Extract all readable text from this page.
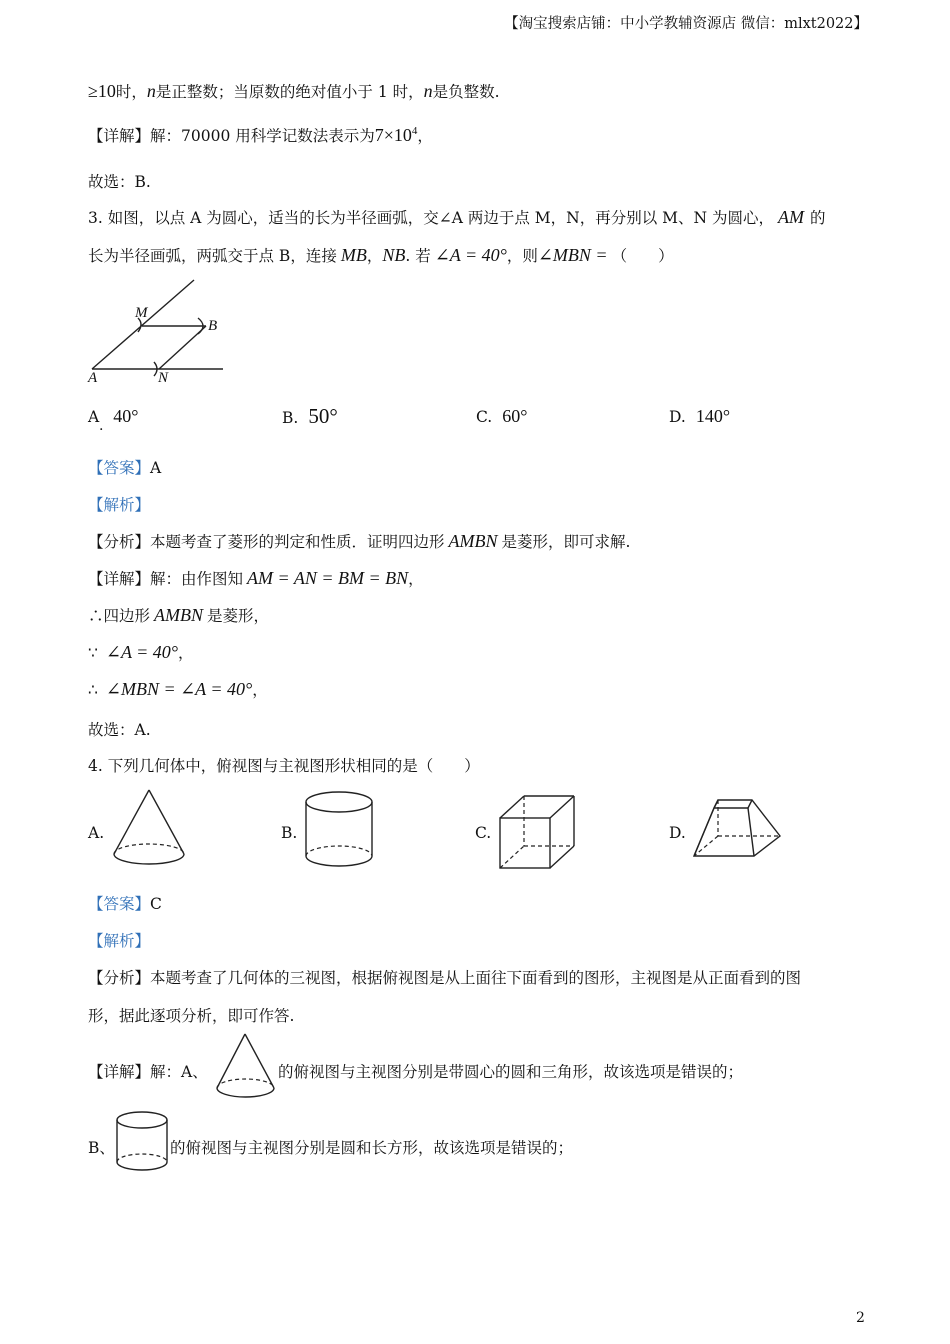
【淘宝搜索店铺：中小学教辅资源店 微信：mlxt2022】
≥10时，n是正整数；当原数的绝对值小于 1 时，n是负整数.
【详解】解：70000 用科学记数法表示为$7\times 10^4$，
故选：B.
3. 如图，以点 A 为圆心，适当的长为半径画弧，交∠A 两边于点 M，N，再分别以 M、N 为圆心， AM 的
长为半径画弧，两弧交于点 B，连接 MB，NB. 若 ∠A = 40°，则∠MBN = （　　）
M
B
A	N
A 40°
.	B. 50°	C. 60°	D. 140°
【答案】A
【解析】
【分析】本题考查了菱形的判定和性质．证明四边形 AMBN 是菱形，即可求解.
【详解】解：由作图知 AM = AN = BM = BN，
∴四边形 AMBN 是菱形，
∵ ∠A = 40°，
∴ ∠MBN = ∠A = 40°，
故选：A.
4. 下列几何体中，俯视图与主视图形状相同的是（　　）
A.	B.	C.	D.
【答案】C
【解析】
【分析】本题考查了几何体的三视图，根据俯视图是从上面往下面看到的图形，主视图是从正面看到的图
形，据此逐项分析，即可作答.
【详解】解：A、	的俯视图与主视图分别是带圆心的圆和三角形，故该选项是错误的；
B、	的俯视图与主视图分别是圆和长方形，故该选项是错误的；
2
